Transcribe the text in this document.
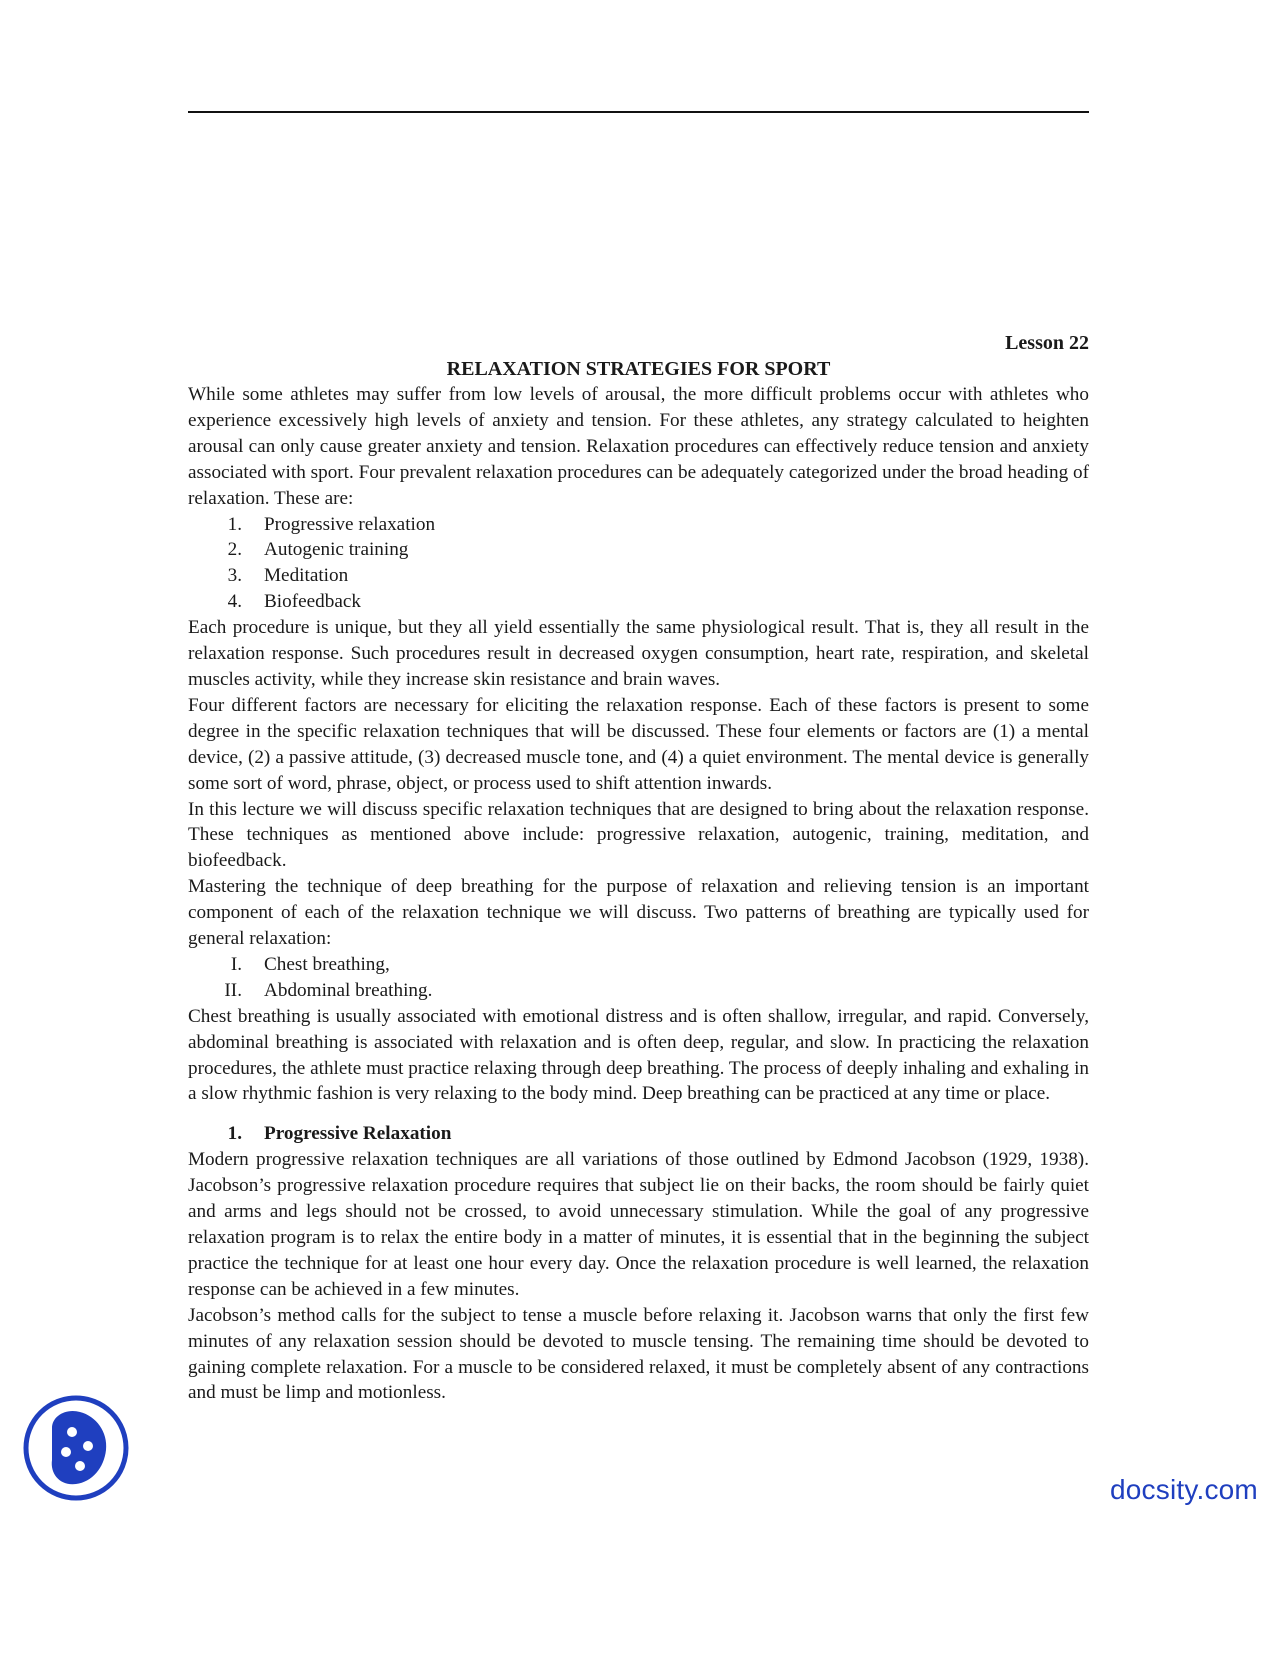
Lesson 22
RELAXATION STRATEGIES FOR SPORT

While some athletes may suffer from low levels of arousal, the more difficult problems occur with athletes who experience excessively high levels of anxiety and tension. For these athletes, any strategy calculated to heighten arousal can only cause greater anxiety and tension. Relaxation procedures can effectively reduce tension and anxiety associated with sport. Four prevalent relaxation procedures can be adequately categorized under the broad heading of relaxation. These are:

1. Progressive relaxation
2. Autogenic training
3. Meditation
4. Biofeedback

Each procedure is unique, but they all yield essentially the same physiological result. That is, they all result in the relaxation response. Such procedures result in decreased oxygen consumption, heart rate, respiration, and skeletal muscles activity, while they increase skin resistance and brain waves.

Four different factors are necessary for eliciting the relaxation response. Each of these factors is present to some degree in the specific relaxation techniques that will be discussed. These four elements or factors are (1) a mental device, (2) a passive attitude, (3) decreased muscle tone, and (4) a quiet environment. The mental device is generally some sort of word, phrase, object, or process used to shift attention inwards.

In this lecture we will discuss specific relaxation techniques that are designed to bring about the relaxation response. These techniques as mentioned above include: progressive relaxation, autogenic, training, meditation, and biofeedback.

Mastering the technique of deep breathing for the purpose of relaxation and relieving tension is an important component of each of the relaxation technique we will discuss. Two patterns of breathing are typically used for general relaxation:

I. Chest breathing,
II. Abdominal breathing.

Chest breathing is usually associated with emotional distress and is often shallow, irregular, and rapid. Conversely, abdominal breathing is associated with relaxation and is often deep, regular, and slow. In practicing the relaxation procedures, the athlete must practice relaxing through deep breathing. The process of deeply inhaling and exhaling in a slow rhythmic fashion is very relaxing to the body mind. Deep breathing can be practiced at any time or place.

1. Progressive Relaxation

Modern progressive relaxation techniques are all variations of those outlined by Edmond Jacobson (1929, 1938). Jacobson’s progressive relaxation procedure requires that subject lie on their backs, the room should be fairly quiet and arms and legs should not be crossed, to avoid unnecessary stimulation. While the goal of any progressive relaxation program is to relax the entire body in a matter of minutes, it is essential that in the beginning the subject practice the technique for at least one hour every day. Once the relaxation procedure is well learned, the relaxation response can be achieved in a few minutes.

Jacobson’s method calls for the subject to tense a muscle before relaxing it. Jacobson warns that only the first few minutes of any relaxation session should be devoted to muscle tensing. The remaining time should be devoted to gaining complete relaxation. For a muscle to be considered relaxed, it must be completely absent of any contractions and must be limp and motionless.

docsity.com
